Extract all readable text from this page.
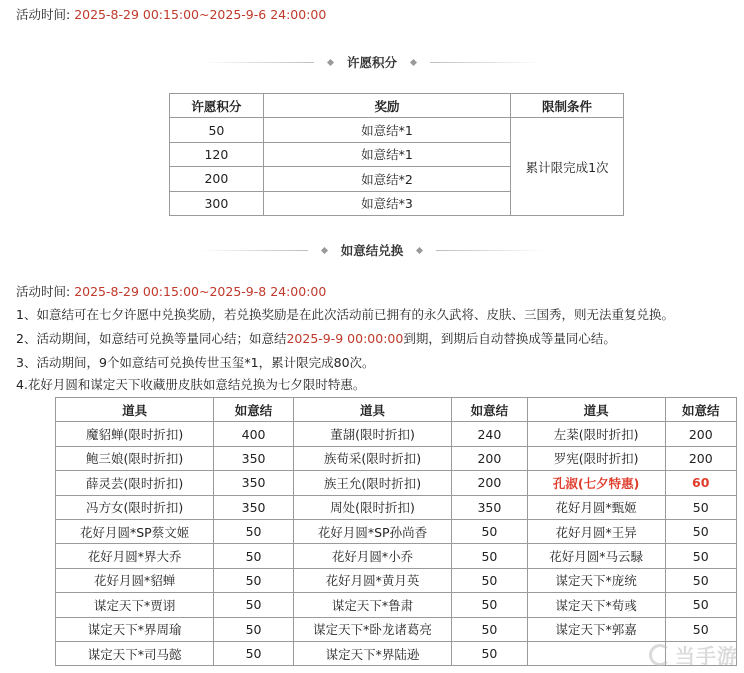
活动时间: 2025-8-29 00:15:00~2025-9-6 24:00:00
许愿积分
许愿积分	奖励	限制条件
50	如意结*1	累计限完成1次
120	如意结*1	
200	如意结*2	
300	如意结*3	
如意结兑换
活动时间: 2025-8-29 00:15:00~2025-9-8 24:00:00
1、如意结可在七夕许愿中兑换奖励，若兑换奖励是在此次活动前已拥有的永久武将、皮肤、三国秀，则无法重复兑换。
2、活动期间，如意结可兑换等量同心结；如意结2025-9-9 00:00:00到期，到期后自动替换成等量同心结。
3、活动期间，9个如意结可兑换传世玉玺*1，累计限完成80次。
4.花好月圆和谋定天下收藏册皮肤如意结兑换为七夕限时特惠。
道具	如意结	道具	如意结	道具	如意结
魔貂蝉(限时折扣)	400	董翓(限时折扣)	240	左棻(限时折扣)	200
鲍三娘(限时折扣)	350	族荀采(限时折扣)	200	罗宪(限时折扣)	200
薛灵芸(限时折扣)	350	族王允(限时折扣)	200	孔淑(七夕特惠)	60
冯方女(限时折扣)	350	周处(限时折扣)	350	花好月圆*甄姬	50
花好月圆*SP蔡文姬	50	花好月圆*SP孙尚香	50	花好月圆*王异	50
花好月圆*界大乔	50	花好月圆*小乔	50	花好月圆*马云騄	50
花好月圆*貂蝉	50	花好月圆*黄月英	50	谋定天下*庞统	50
谋定天下*贾诩	50	谋定天下*鲁肃	50	谋定天下*荀彧	50
谋定天下*界周瑜	50	谋定天下*卧龙诸葛亮	50	谋定天下*郭嘉	50
谋定天下*司马懿	50	谋定天下*界陆逊	50			当手游
